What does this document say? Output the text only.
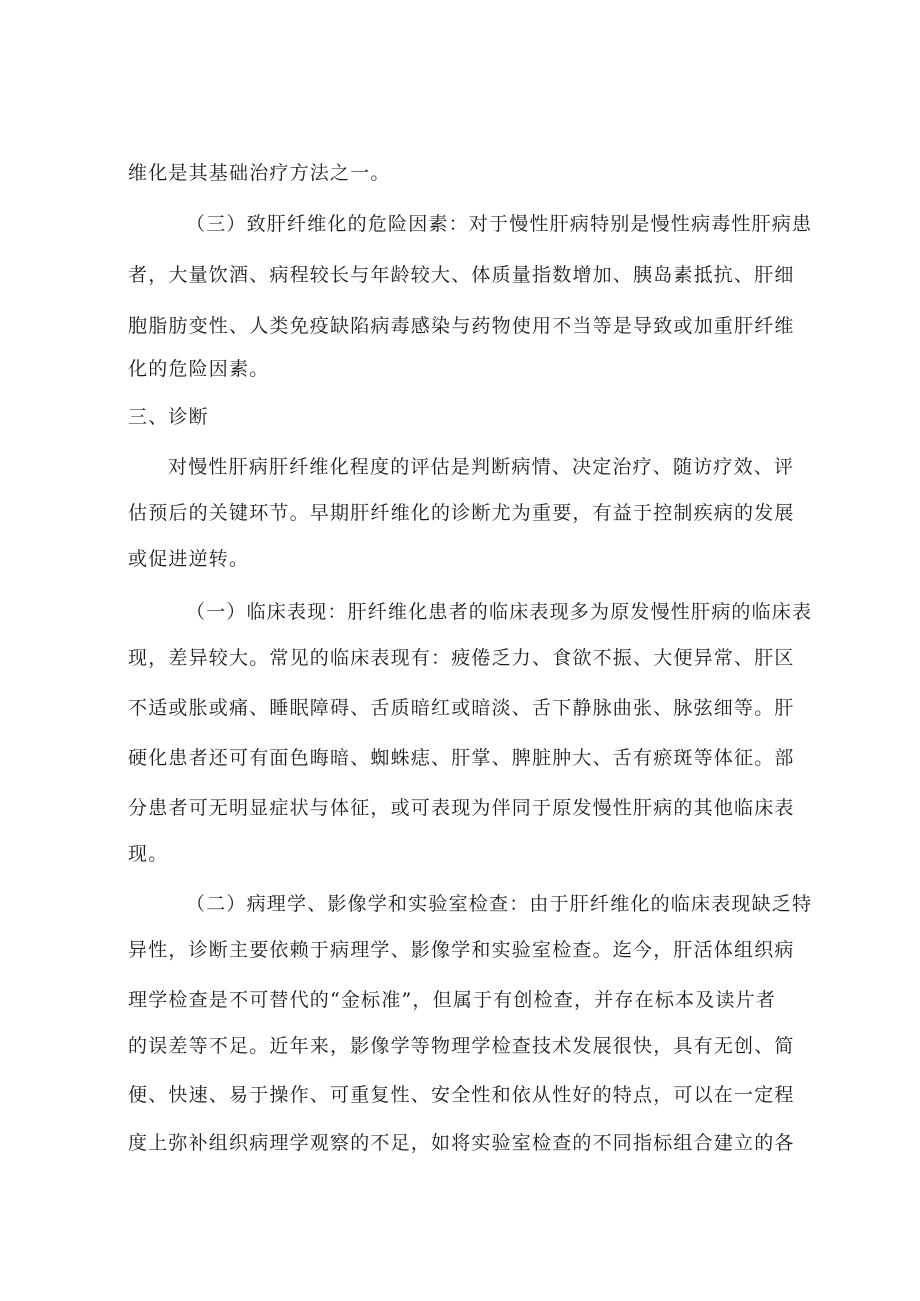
维化是其基础治疗方法之一。
（三）致肝纤维化的危险因素：对于慢性肝病特别是慢性病毒性肝病患
者，大量饮酒、病程较长与年龄较大、体质量指数增加、胰岛素抵抗、肝细
胞脂肪变性、人类免疫缺陷病毒感染与药物使用不当等是导致或加重肝纤维
化的危险因素。
三、诊断
对慢性肝病肝纤维化程度的评估是判断病情、决定治疗、随访疗效、评
估预后的关键环节。早期肝纤维化的诊断尤为重要，有益于控制疾病的发展
或促进逆转。
（一）临床表现：肝纤维化患者的临床表现多为原发慢性肝病的临床表
现，差异较大。常见的临床表现有：疲倦乏力、食欲不振、大便异常、肝区
不适或胀或痛、睡眠障碍、舌质暗红或暗淡、舌下静脉曲张、脉弦细等。肝
硬化患者还可有面色晦暗、蜘蛛痣、肝掌、脾脏肿大、舌有瘀斑等体征。部
分患者可无明显症状与体征，或可表现为伴同于原发慢性肝病的其他临床表
现。
（二）病理学、影像学和实验室检查：由于肝纤维化的临床表现缺乏特
异性，诊断主要依赖于病理学、影像学和实验室检查。迄今，肝活体组织病
理学检查是不可替代的“金标准”，但属于有创检查，并存在标本及读片者
的误差等不足。近年来，影像学等物理学检查技术发展很快，具有无创、简
便、快速、易于操作、可重复性、安全性和依从性好的特点，可以在一定程
度上弥补组织病理学观察的不足，如将实验室检查的不同指标组合建立的各
